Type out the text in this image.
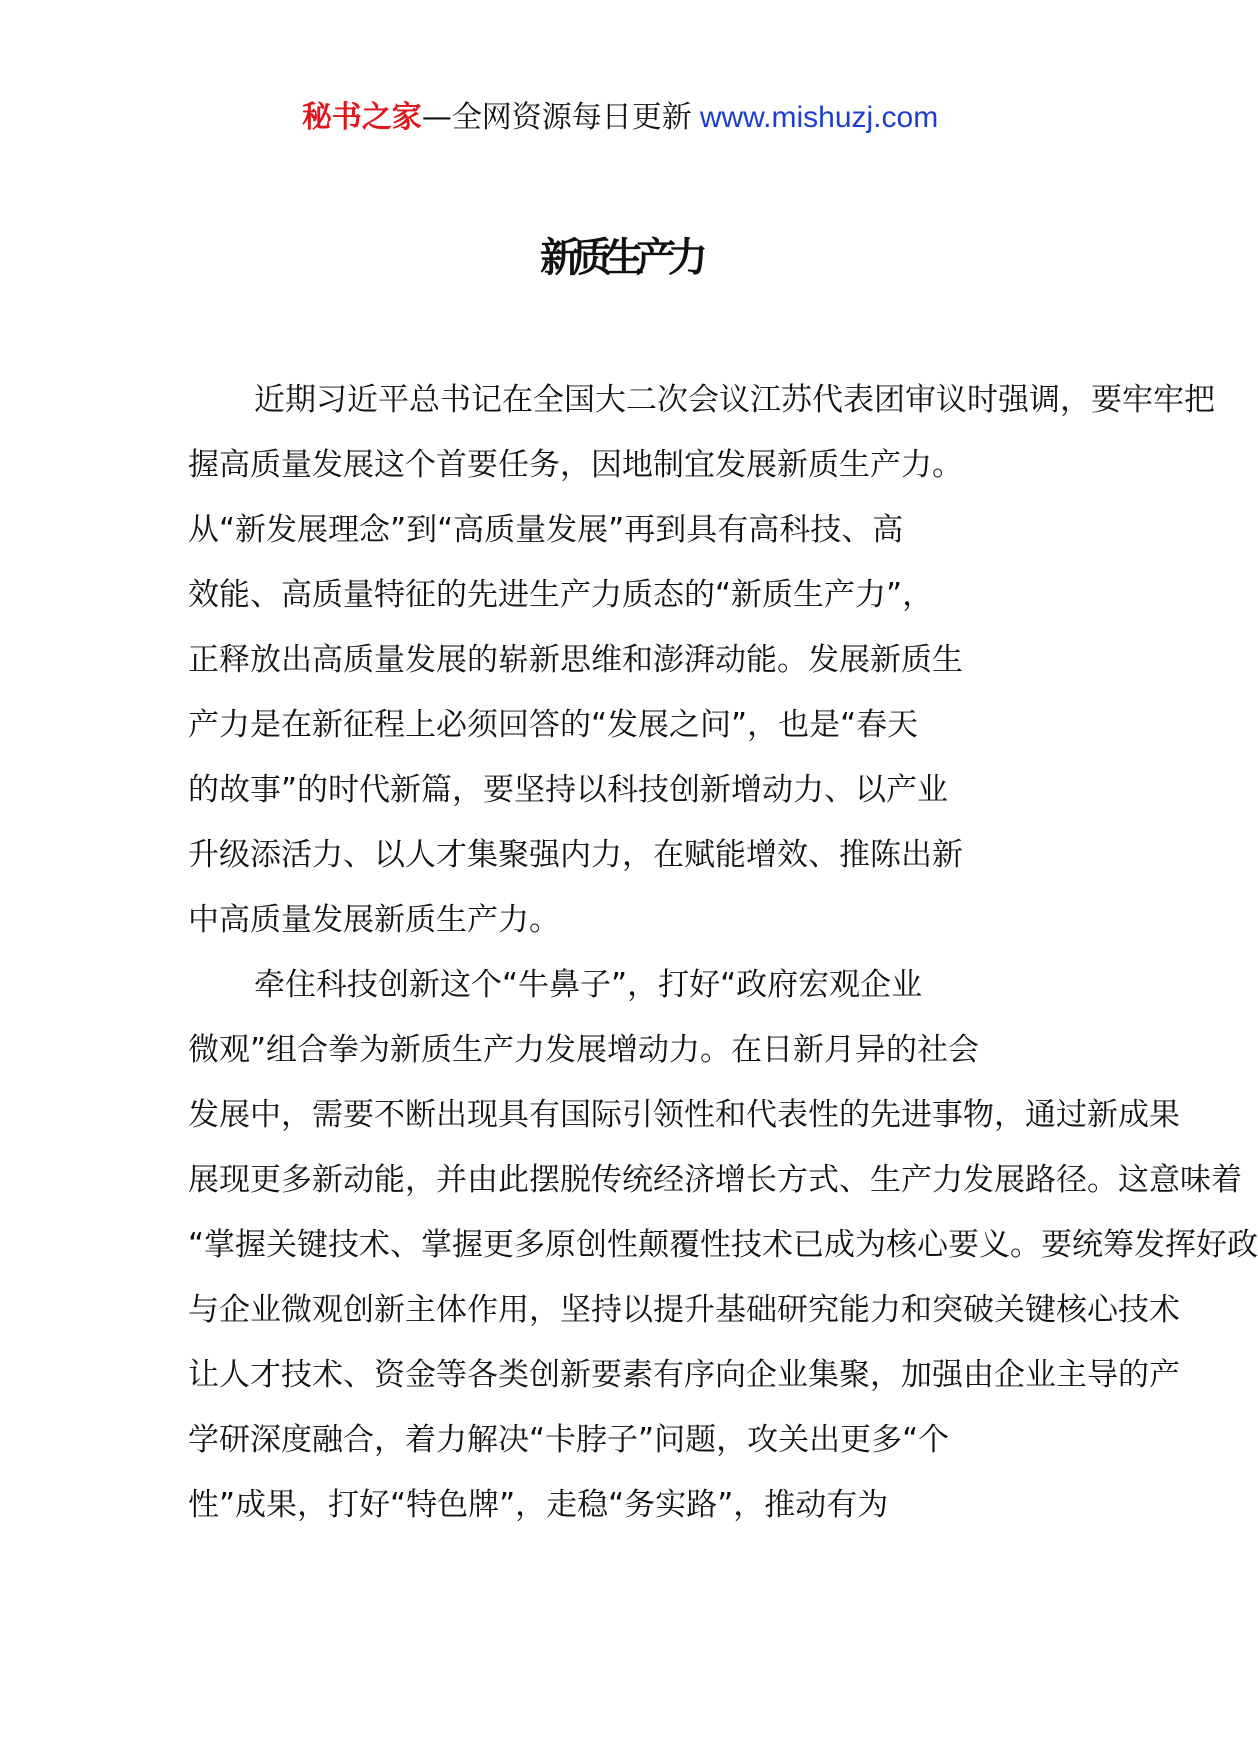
秘书之家—全网资源每日更新 www.mishuzj.com
新质生产力
近期习近平总书记在全国大二次会议江苏代表团审议时强调，要牢牢把
握高质量发展这个首要任务，因地制宜发展新质生产力。
从“新发展理念”到“高质量发展”再到具有高科技、高
效能、高质量特征的先进生产力质态的“新质生产力”，
正释放出高质量发展的崭新思维和澎湃动能。发展新质生
产力是在新征程上必须回答的“发展之问”，也是“春天
的故事”的时代新篇，要坚持以科技创新增动力、以产业
升级添活力、以人才集聚强内力，在赋能增效、推陈出新
中高质量发展新质生产力。
牵住科技创新这个“牛鼻子”，打好“政府宏观企业
微观”组合拳为新质生产力发展增动力。在日新月异的社会
发展中，需要不断出现具有国际引领性和代表性的先进事物，通过新成果
展现更多新动能，并由此摆脱传统经济增长方式、生产力发展路径。这意味着
“掌握关键技术、掌握更多原创性颠覆性技术已成为核心要义。要统筹发挥好政
与企业微观创新主体作用，坚持以提升基础研究能力和突破关键核心技术
让人才技术、资金等各类创新要素有序向企业集聚，加强由企业主导的产
学研深度融合，着力解决“卡脖子”问题，攻关出更多“个
性”成果，打好“特色牌”，走稳“务实路”，推动有为
